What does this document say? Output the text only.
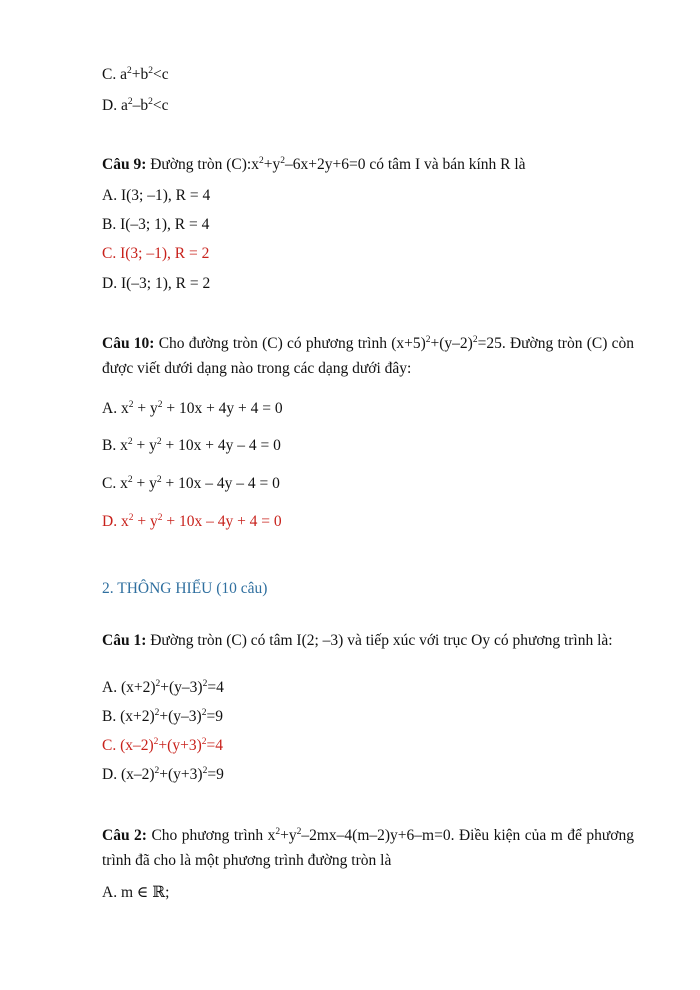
C. $a^2+b^2<c$
D. $a^2-b^2<c$
Câu 9: Đường tròn $(C):x^2+y^2-6x+2y+6=0$ có tâm I và bán kính R là
A. I(3; –1), R = 4
B. I(–3; 1), R = 4
C. I(3; –1), R = 2
D. I(–3; 1), R = 2
Câu 10: Cho đường tròn (C) có phương trình $(x+5)^2+(y-2)^2=25$. Đường tròn (C) còn được viết dưới dạng nào trong các dạng dưới đây:
A. $x^2 + y^2 + 10x + 4y + 4 = 0$
B. $x^2 + y^2 + 10x + 4y - 4 = 0$
C. $x^2 + y^2 + 10x - 4y - 4 = 0$
D. $x^2 + y^2 + 10x - 4y + 4 = 0$
2. THÔNG HIỂU (10 câu)
Câu 1: Đường tròn (C) có tâm I(2; –3) và tiếp xúc với trục Oy có phương trình là:
A. $(x+2)^2+(y-3)^2=4$
B. $(x+2)^2+(y-3)^2=9$
C. $(x-2)^2+(y+3)^2=4$
D. $(x-2)^2+(y+3)^2=9$
Câu 2: Cho phương trình $x^2+y^2-2mx-4(m-2)y+6-m=0$. Điều kiện của m để phương trình đã cho là một phương trình đường tròn là
A. m ∈ ℝ;
